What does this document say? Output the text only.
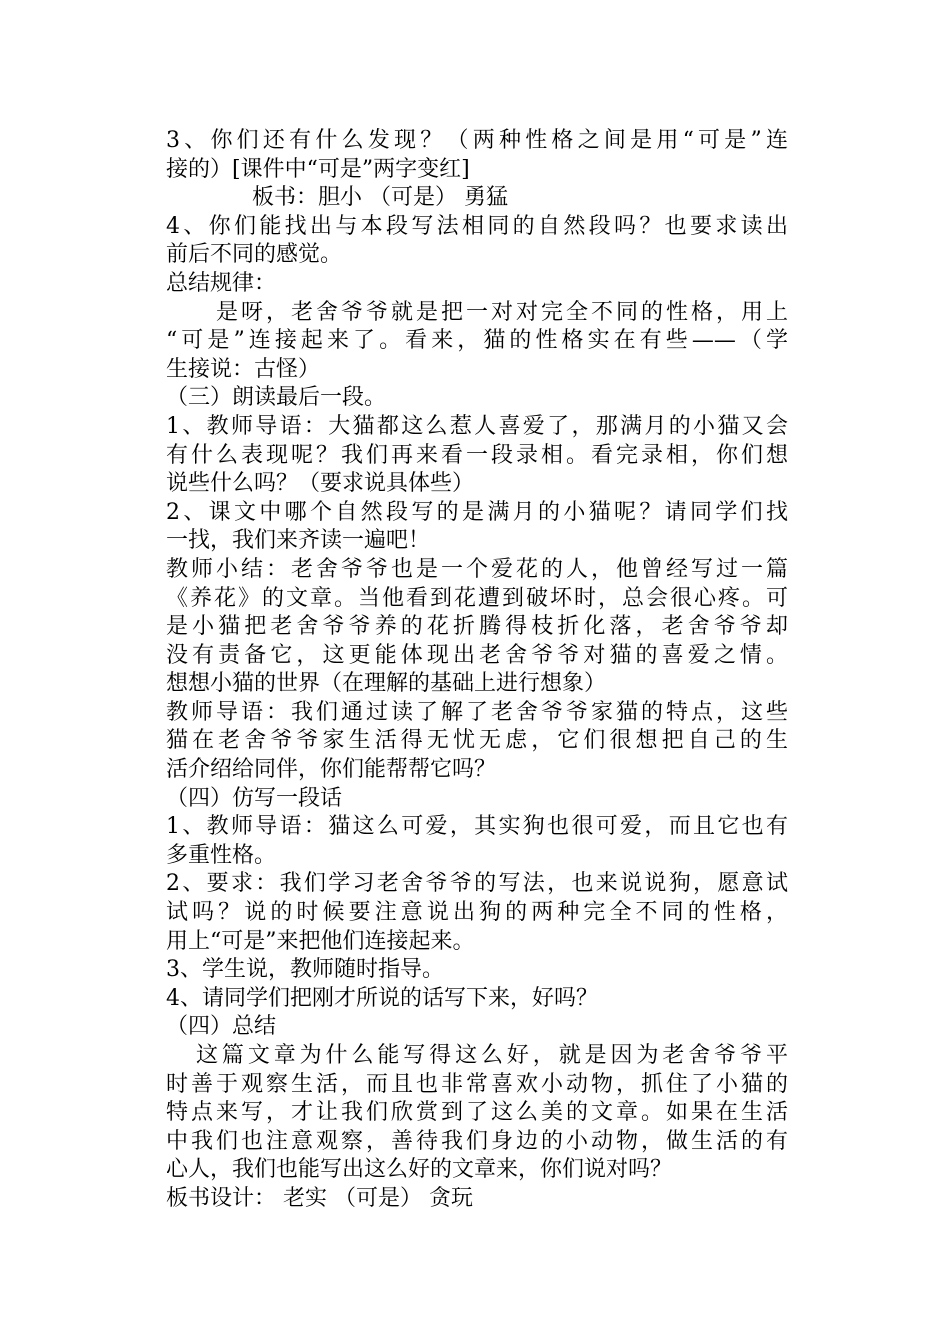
3、你们还有什么发现？（两种性格之间是用“可是”连
接的）[课件中“可是”两字变红]
板书：胆小 （可是） 勇猛
4、你们能找出与本段写法相同的自然段吗？也要求读出
前后不同的感觉。
总结规律：
是呀，老舍爷爷就是把一对对完全不同的性格，用上
“可是”连接起来了。看来，猫的性格实在有些——（学
生接说：古怪）
（三）朗读最后一段。
1、教师导语：大猫都这么惹人喜爱了，那满月的小猫又会
有什么表现呢？我们再来看一段录相。看完录相，你们想
说些什么吗？（要求说具体些）
2、课文中哪个自然段写的是满月的小猫呢？请同学们找
一找，我们来齐读一遍吧！
教师小结：老舍爷爷也是一个爱花的人，他曾经写过一篇
《养花》的文章。当他看到花遭到破坏时，总会很心疼。可
是小猫把老舍爷爷养的花折腾得枝折化落，老舍爷爷却
没有责备它，这更能体现出老舍爷爷对猫的喜爱之情。
想想小猫的世界（在理解的基础上进行想象）
教师导语：我们通过读了解了老舍爷爷家猫的特点，这些
猫在老舍爷爷家生活得无忧无虑，它们很想把自己的生
活介绍给同伴，你们能帮帮它吗？
（四）仿写一段话
1、教师导语：猫这么可爱，其实狗也很可爱，而且它也有
多重性格。
2、要求：我们学习老舍爷爷的写法，也来说说狗，愿意试
试吗？说的时候要注意说出狗的两种完全不同的性格，
用上“可是”来把他们连接起来。
3、学生说，教师随时指导。
4、请同学们把刚才所说的话写下来，好吗？
（四）总结
这篇文章为什么能写得这么好，就是因为老舍爷爷平
时善于观察生活，而且也非常喜欢小动物，抓住了小猫的
特点来写，才让我们欣赏到了这么美的文章。如果在生活
中我们也注意观察，善待我们身边的小动物，做生活的有
心人，我们也能写出这么好的文章来，你们说对吗？
板书设计： 老实 （可是） 贪玩
